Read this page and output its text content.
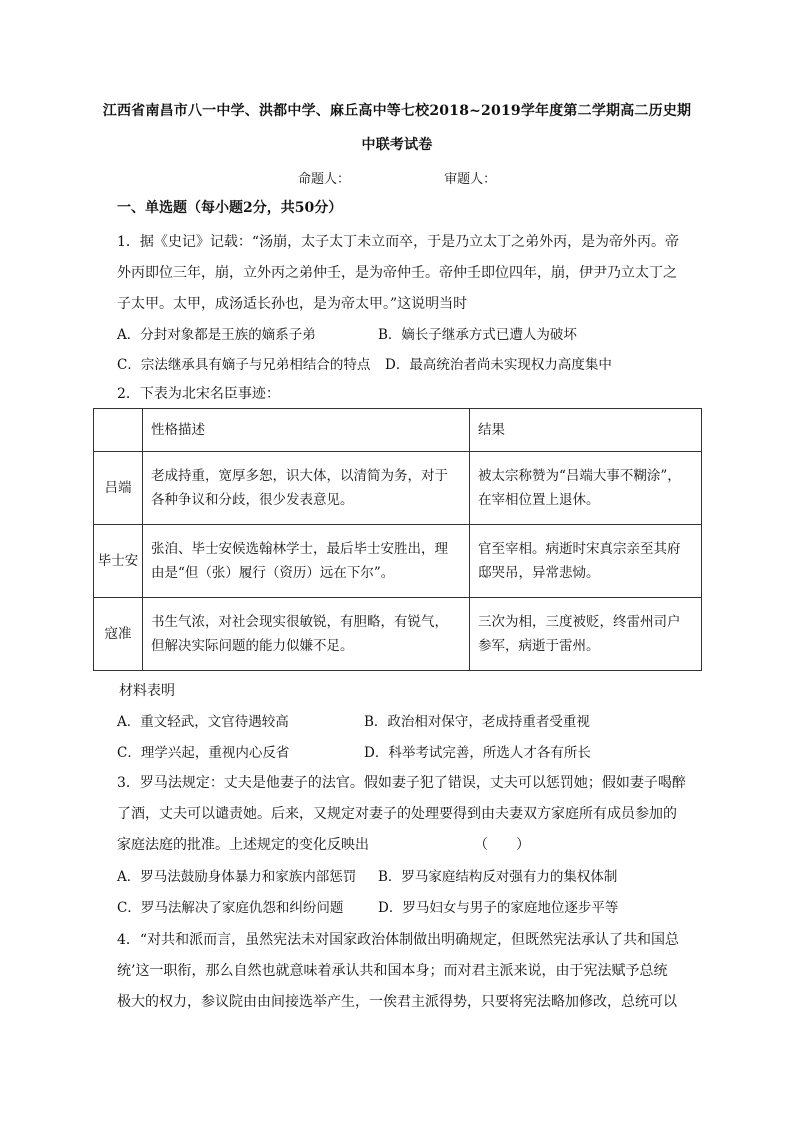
江西省南昌市八一中学、洪都中学、麻丘高中等七校2018~2019学年度第二学期高二历史期
中联考试卷
命题人：	审题人：
一、单选题（每小题2分，共50分）
1．据《史记》记载：“汤崩，太子太丁未立而卒，于是乃立太丁之弟外丙，是为帝外丙。帝
外丙即位三年，崩，立外丙之弟仲壬，是为帝仲壬。帝仲壬即位四年，崩，伊尹乃立太丁之
子太甲。太甲，成汤适长孙也，是为帝太甲。”这说明当时
A．分封对象都是王族的嫡系子弟	B．嫡长子继承方式已遭人为破坏
C．宗法继承具有嫡子与兄弟相结合的特点 D．最高统治者尚未实现权力高度集中
2．下表为北宋名臣事迹：
	性格描述	结果
吕端	老成持重，宽厚多恕，识大体，以清简为务，对于各种争议和分歧，很少发表意见。	被太宗称赞为“吕端大事不糊涂”，在宰相位置上退休。
毕士安	张洎、毕士安候选翰林学士，最后毕士安胜出，理由是“但（张）履行（资历）远在下尔”。	官至宰相。病逝时宋真宗亲至其府邸哭吊，异常悲恸。
寇准	书生气浓，对社会现实很敏锐，有胆略，有锐气，但解决实际问题的能力似嫌不足。	三次为相，三度被贬，终雷州司户参军，病逝于雷州。
材料表明
A．重文轻武，文官待遇较高	B．政治相对保守，老成持重者受重视
C．理学兴起，重视内心反省	D．科举考试完善，所选人才各有所长
3．罗马法规定：丈夫是他妻子的法官。假如妻子犯了错误，丈夫可以惩罚她；假如妻子喝醉
了酒，丈夫可以谴责她。后来，又规定对妻子的处理要得到由夫妻双方家庭所有成员参加的
家庭法庭的批准。上述规定的变化反映出　　　　　　　　（　　）
A．罗马法鼓励身体暴力和家族内部惩罚 B．罗马家庭结构反对强有力的集权体制
C．罗马法解决了家庭仇怨和纠纷问题	D．罗马妇女与男子的家庭地位逐步平等
4．“对共和派而言，虽然宪法未对国家政治体制做出明确规定，但既然宪法承认了共和国总
统’这一职衔，那么自然也就意味着承认共和国本身；而对君主派来说，由于宪法赋予总统
极大的权力，参议院由由间接选举产生，一俟君主派得势，只要将宪法略加修改，总统可以
